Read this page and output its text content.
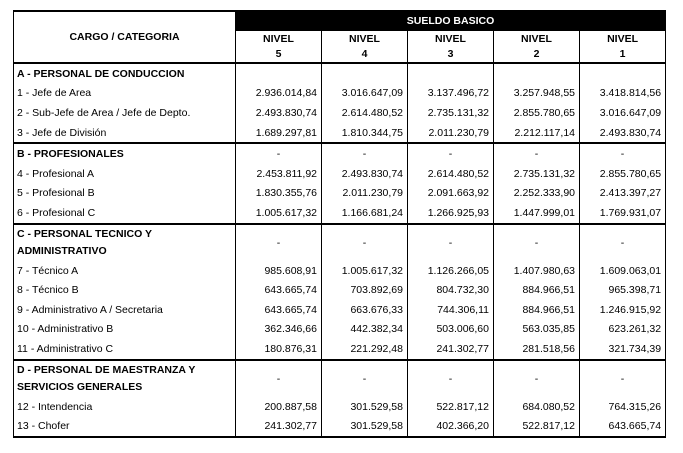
CARGO / CATEGORIA	SUELDO BASICO				
	NIVEL	NIVEL	NIVEL	NIVEL	NIVEL
	5	4	3	2	1
A - PERSONAL DE CONDUCCION					
1 - Jefe de Area	2.936.014,84	3.016.647,09	3.137.496,72	3.257.948,55	3.418.814,56
2 - Sub-Jefe de Area / Jefe de Depto.	2.493.830,74	2.614.480,52	2.735.131,32	2.855.780,65	3.016.647,09
3 - Jefe de División	1.689.297,81	1.810.344,75	2.011.230,79	2.212.117,14	2.493.830,74
B - PROFESIONALES	-	-	-	-	-
4 - Profesional A	2.453.811,92	2.493.830,74	2.614.480,52	2.735.131,32	2.855.780,65
5 - Profesional B	1.830.355,76	2.011.230,79	2.091.663,92	2.252.333,90	2.413.397,27
6 - Profesional C	1.005.617,32	1.166.681,24	1.266.925,93	1.447.999,01	1.769.931,07
C - PERSONAL TECNICO Y
ADMINISTRATIVO	-	-	-	-	-
7 - Técnico A	985.608,91	1.005.617,32	1.126.266,05	1.407.980,63	1.609.063,01
8 - Técnico B	643.665,74	703.892,69	804.732,30	884.966,51	965.398,71
9 - Administrativo A / Secretaria	643.665,74	663.676,33	744.306,11	884.966,51	1.246.915,92
10 - Administrativo B	362.346,66	442.382,34	503.006,60	563.035,85	623.261,32
11 - Administrativo C	180.876,31	221.292,48	241.302,77	281.518,56	321.734,39
D - PERSONAL DE MAESTRANZA Y
SERVICIOS GENERALES	-	-	-	-	-
12 - Intendencia	200.887,58	301.529,58	522.817,12	684.080,52	764.315,26
13 - Chofer	241.302,77	301.529,58	402.366,20	522.817,12	643.665,74
